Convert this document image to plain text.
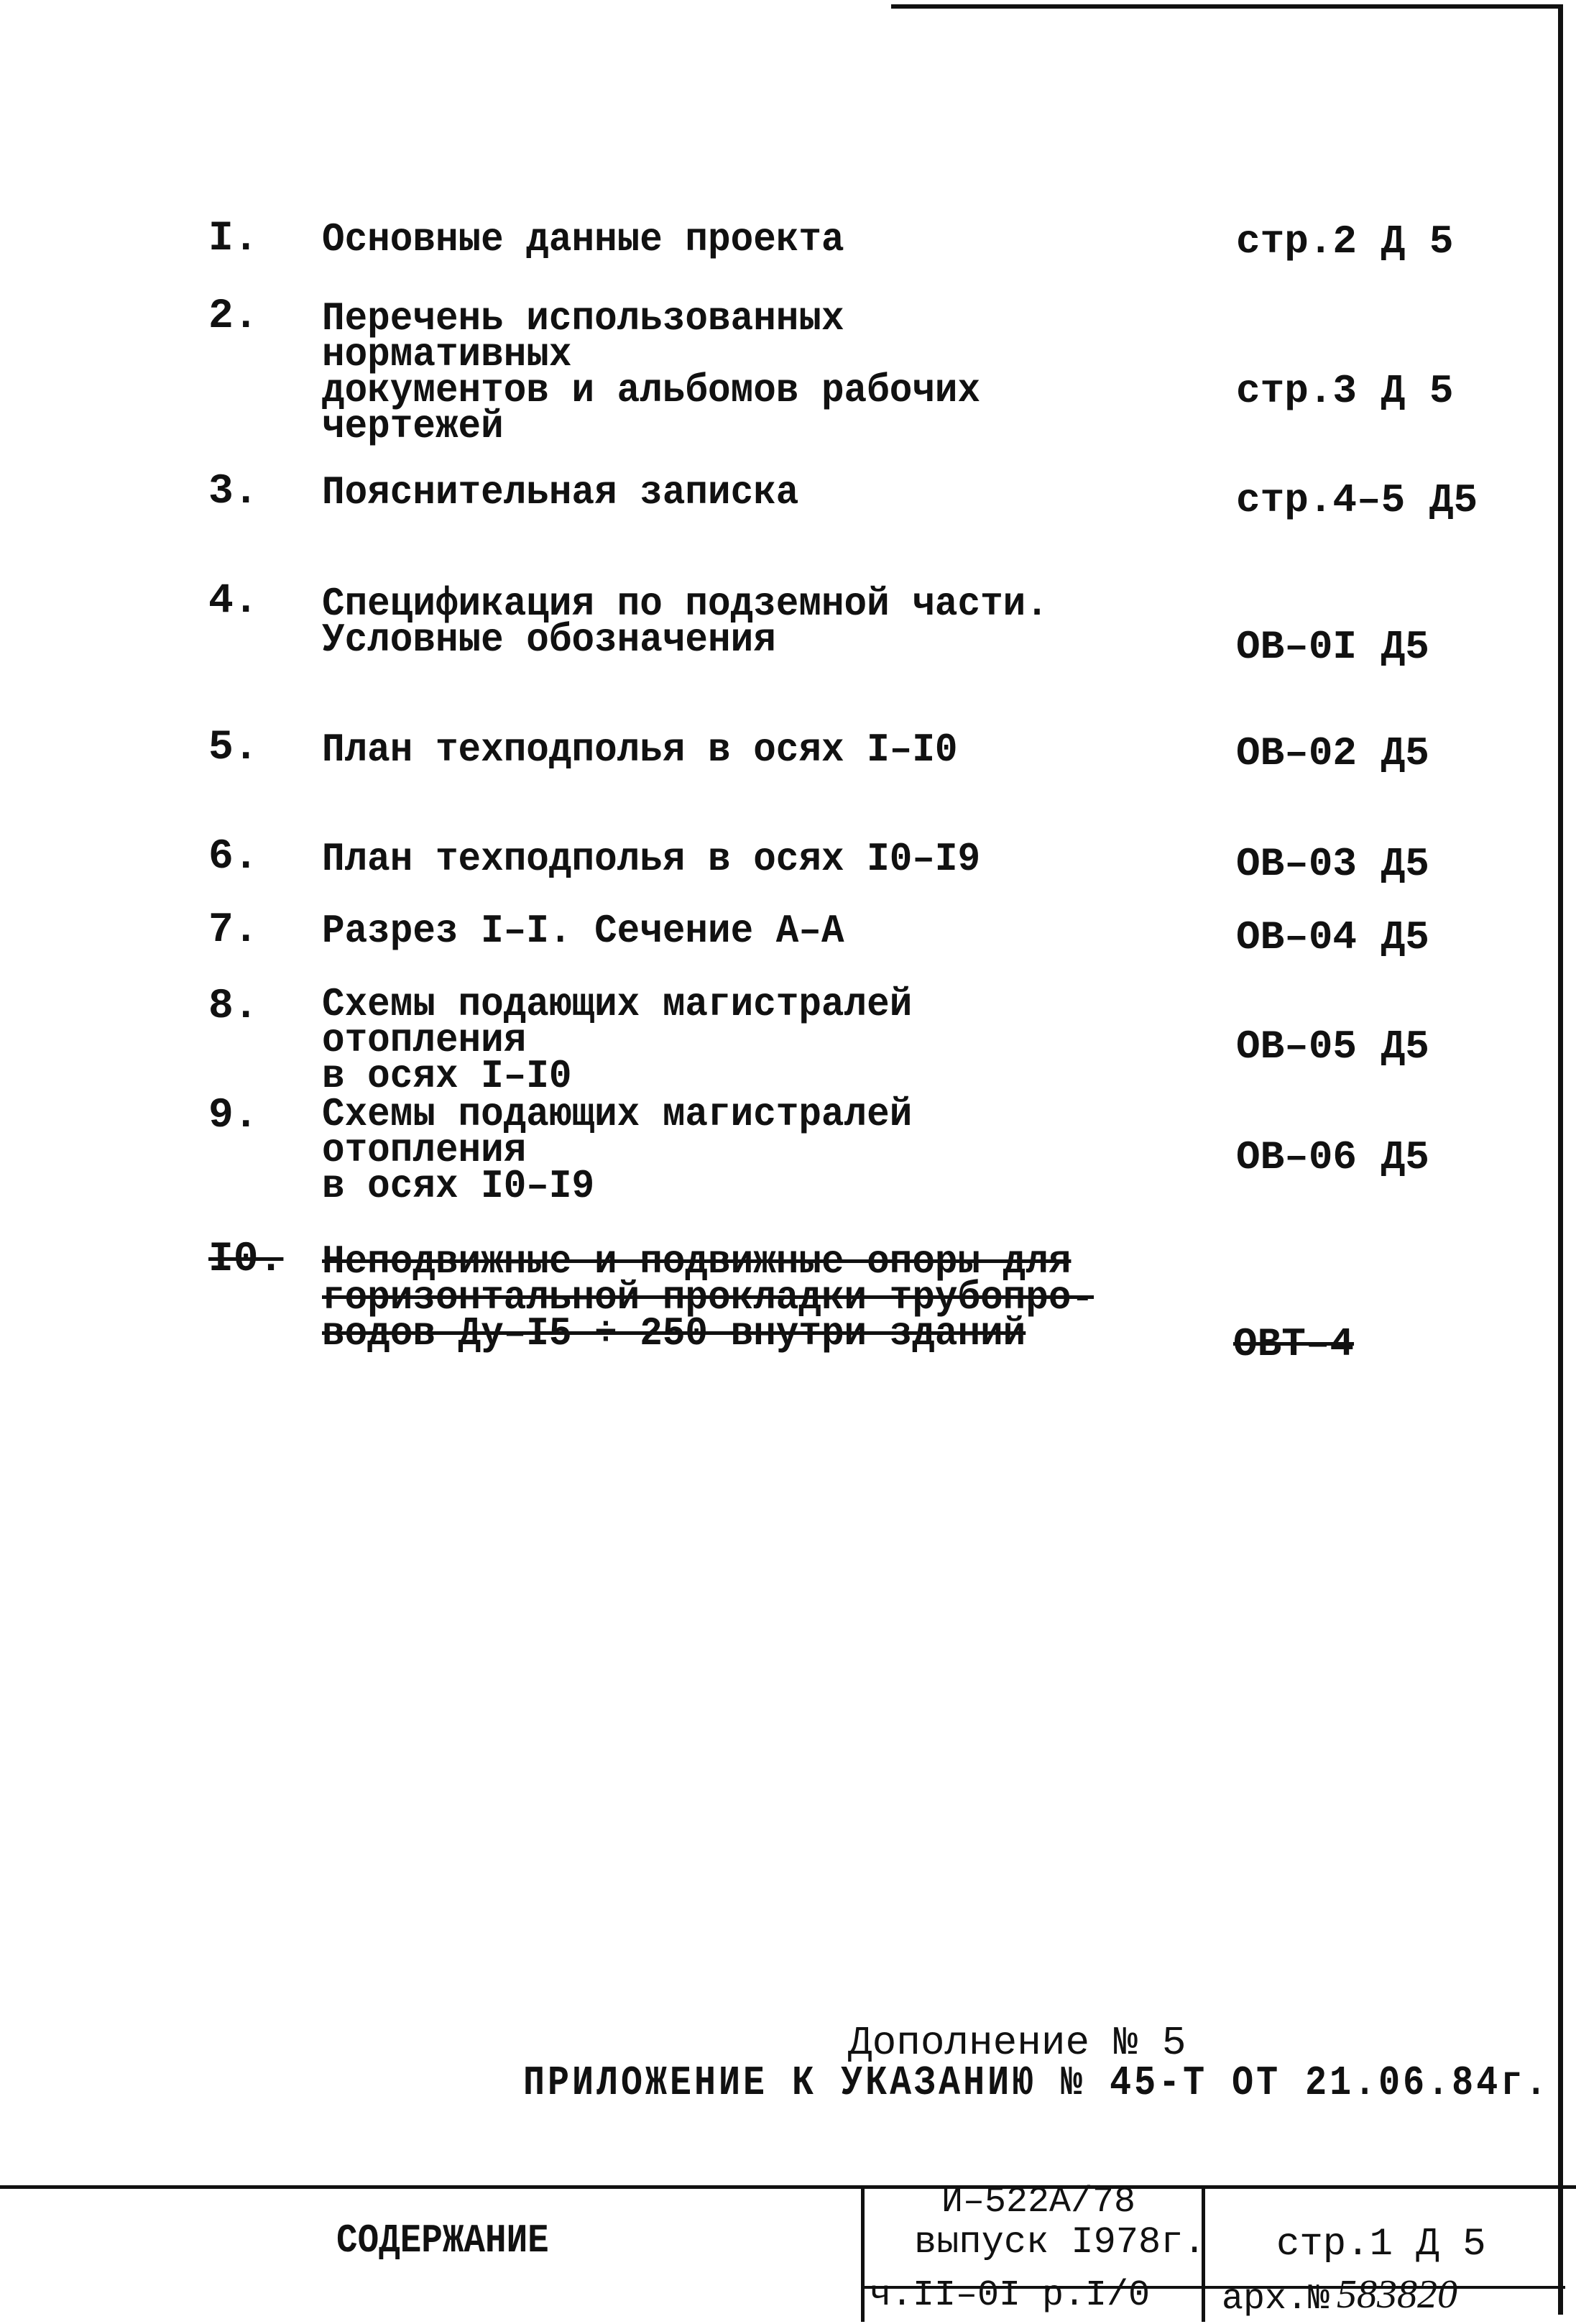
I. Основные данные проекта	стр.2 Д 5
2. Перечень использованных нормативных
документов и альбомов рабочих
чертежей
стр.3 Д 5
3. Пояснительная записка	стр.4–5 Д5
4. Спецификация по подземной части.
Условные обозначения	ОВ–0I Д5
5. План техподполья в осях I–I0	ОВ–02 Д5
6. План техподполья в осях I0–I9	ОВ–03 Д5
7. Разрез I–I. Сечение А–А	ОВ–04 Д5
8. Схемы подающих магистралей отопления
в осях I–I0
ОВ–05 Д5
9. Схемы подающих магистралей отопления
в осях I0–I9
ОВ–06 Д5
I0. Неподвижные и подвижные опоры для
горизонтальной прокладки трубопро-
водов Ду–I5 ÷ 250 внутри зданий	ОВТ–4
Дополнение № 5
ПРИЛОЖЕНИЕ К УКАЗАНИЮ № 45-Т ОТ 21.06.84г.
СОДЕРЖАНИЕ
И–522А/78
выпуск I978г.
ч.II–0I р.I/0
стр.1 Д 5
арх.№ 583820
